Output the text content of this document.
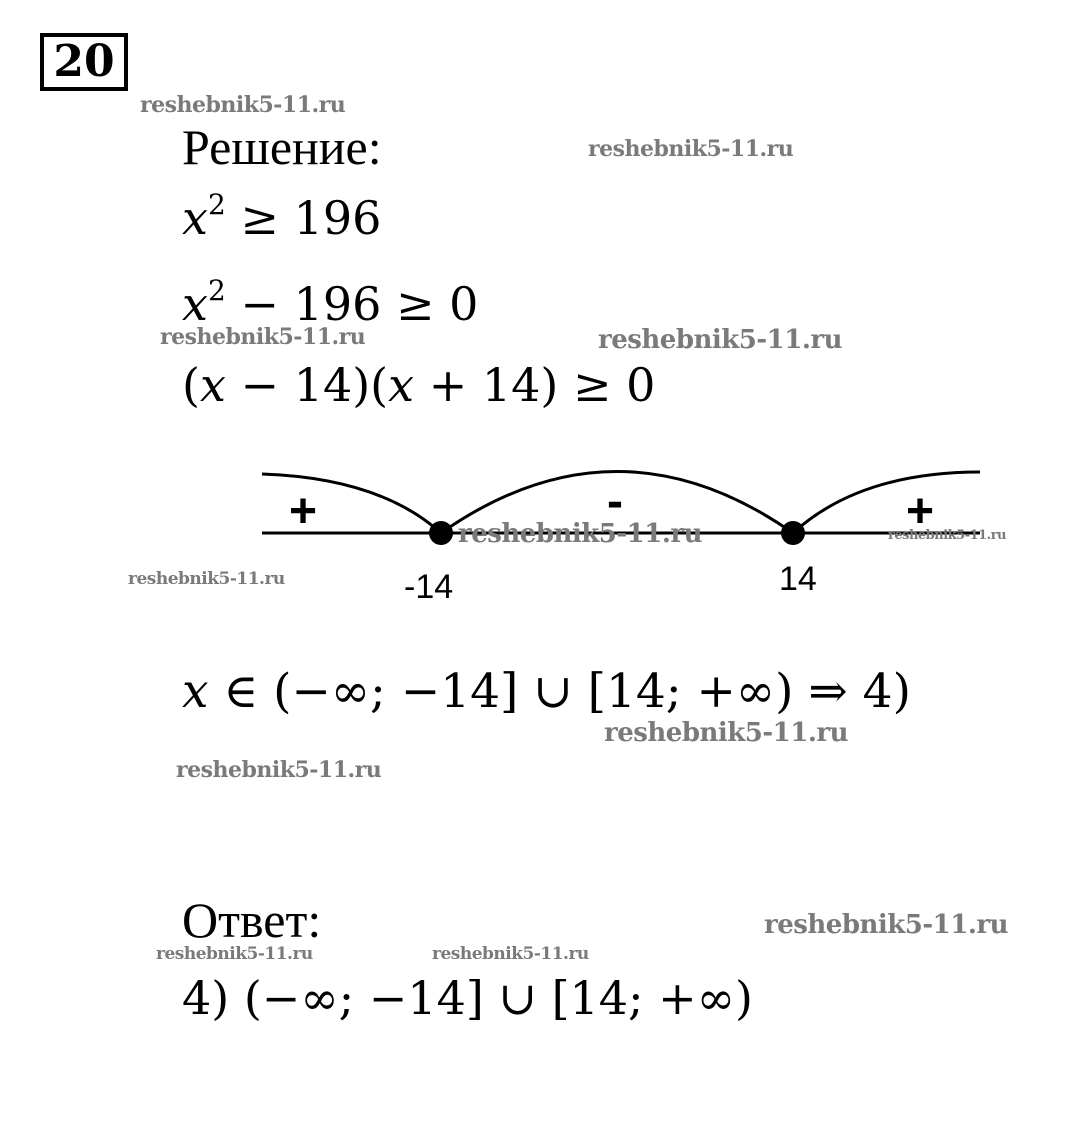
20
Решение:
$x^2 \ge 196$
$x^2 - 196 \ge 0$
(x − 14)(x + 14) ≥ 0
+	-	+
-14	14
x ∈ (−∞; −14] ∪ [14; +∞) ⇒ 4)
Ответ:
4) (−∞; −14] ∪ [14; +∞)
reshebnik5-11.ru
reshebnik5-11.ru
reshebnik5-11.ru	reshebnik5-11.ru
reshebnik5-11.ru	reshebnik5-11.ru
reshebnik5-11.ru
reshebnik5-11.ru
reshebnik5-11.ru
reshebnik5-11.ru
reshebnik5-11.ru	reshebnik5-11.ru
